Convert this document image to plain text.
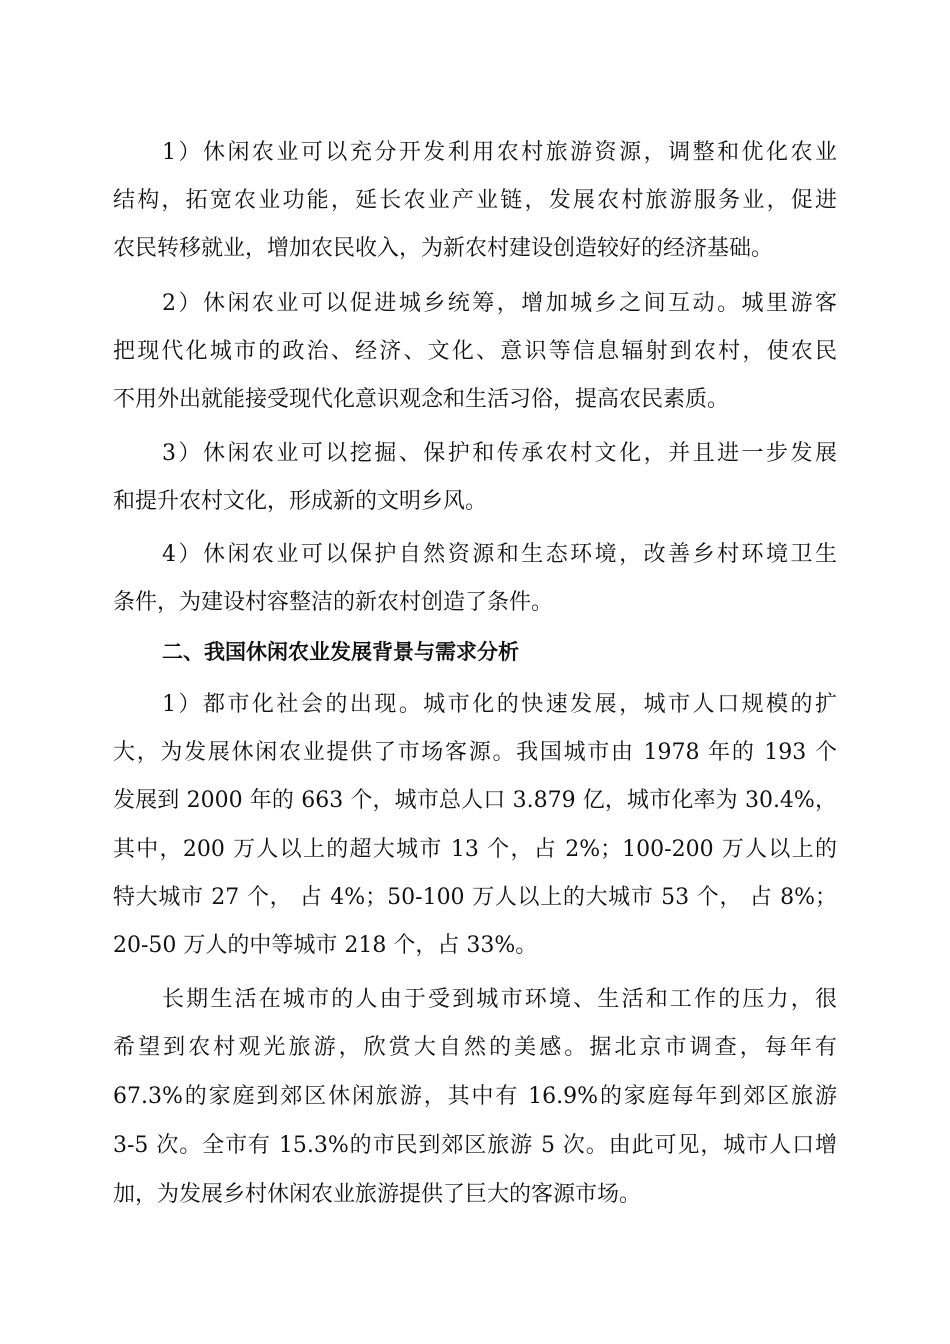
1）休闲农业可以充分开发利用农村旅游资源，调整和优化农业
结构，拓宽农业功能，延长农业产业链，发展农村旅游服务业，促进
农民转移就业，增加农民收入，为新农村建设创造较好的经济基础。
2）休闲农业可以促进城乡统筹，增加城乡之间互动。城里游客
把现代化城市的政治、经济、文化、意识等信息辐射到农村，使农民
不用外出就能接受现代化意识观念和生活习俗，提高农民素质。
3）休闲农业可以挖掘、保护和传承农村文化，并且进一步发展
和提升农村文化，形成新的文明乡风。
4）休闲农业可以保护自然资源和生态环境，改善乡村环境卫生
条件，为建设村容整洁的新农村创造了条件。
二、我国休闲农业发展背景与需求分析
1）都市化社会的出现。城市化的快速发展，城市人口规模的扩
大，为发展休闲农业提供了市场客源。我国城市由 1978 年的 193 个
发展到 2000 年的 663 个，城市总人口 3.879 亿，城市化率为 30.4%，
其中，200 万人以上的超大城市 13 个，占 2%；100-200 万人以上的
特大城市 27 个， 占 4%；50-100 万人以上的大城市 53 个， 占 8%；
20-50 万人的中等城市 218 个，占 33%。
长期生活在城市的人由于受到城市环境、生活和工作的压力，很
希望到农村观光旅游，欣赏大自然的美感。据北京市调查，每年有
67.3%的家庭到郊区休闲旅游，其中有 16.9%的家庭每年到郊区旅游
3-5 次。全市有 15.3%的市民到郊区旅游 5 次。由此可见，城市人口增
加，为发展乡村休闲农业旅游提供了巨大的客源市场。
